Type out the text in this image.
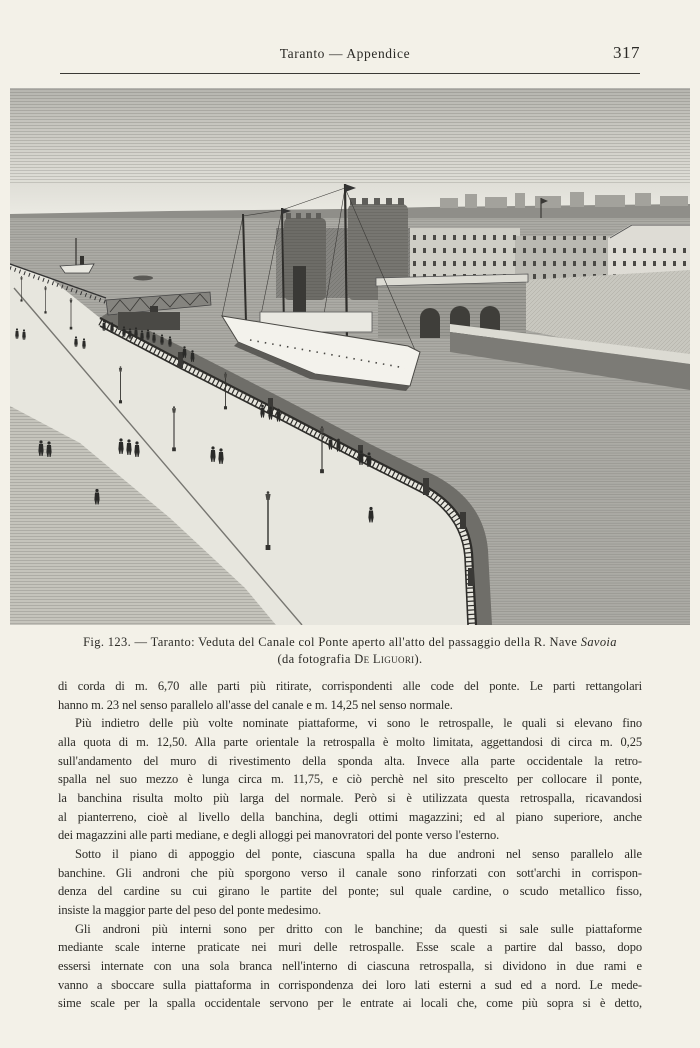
Taranto — Appendice	317
Fig. 123. — Taranto: Veduta del Canale col Ponte aperto all'atto del passaggio della R. Nave Savoia
(da fotografia De Liguori).
di corda di m. 6,70 alle parti più ritirate, corrispondenti alle code del ponte. Le parti rettangolari
hanno m. 23 nel senso parallelo all'asse del canale e m. 14,25 nel senso normale.
Più indietro delle più volte nominate piattaforme, vi sono le retrospalle, le quali si elevano fino
alla quota di m. 12,50. Alla parte orientale la retrospalla è molto limitata, aggettandosi di circa m. 0,25
sull'andamento del muro di rivestimento della sponda alta. Invece alla parte occidentale la retro-
spalla nel suo mezzo è lunga circa m. 11,75, e ciò perchè nel sito prescelto per collocare il ponte,
la banchina risulta molto più larga del normale. Però si è utilizzata questa retrospalla, ricavandosi
al pianterreno, cioè al livello della banchina, degli ottimi magazzini; ed al piano superiore, anche
dei magazzini alle parti mediane, e degli alloggi pei manovratori del ponte verso l'esterno.
Sotto il piano di appoggio del ponte, ciascuna spalla ha due androni nel senso parallelo alle
banchine. Gli androni che più sporgono verso il canale sono rinforzati con sott'archi in corrispon-
denza del cardine su cui girano le partite del ponte; sul quale cardine, o scudo metallico fisso,
insiste la maggior parte del peso del ponte medesimo.
Gli androni più interni sono per dritto con le banchine; da questi si sale sulle piattaforme
mediante scale interne praticate nei muri delle retrospalle. Esse scale a partire dal basso, dopo
essersi internate con una sola branca nell'interno di ciascuna retrospalla, si dividono in due rami e
vanno a sboccare sulla piattaforma in corrispondenza dei loro lati esterni a sud ed a nord. Le mede-
sime scale per la spalla occidentale servono per le entrate ai locali che, come più sopra si è detto,
